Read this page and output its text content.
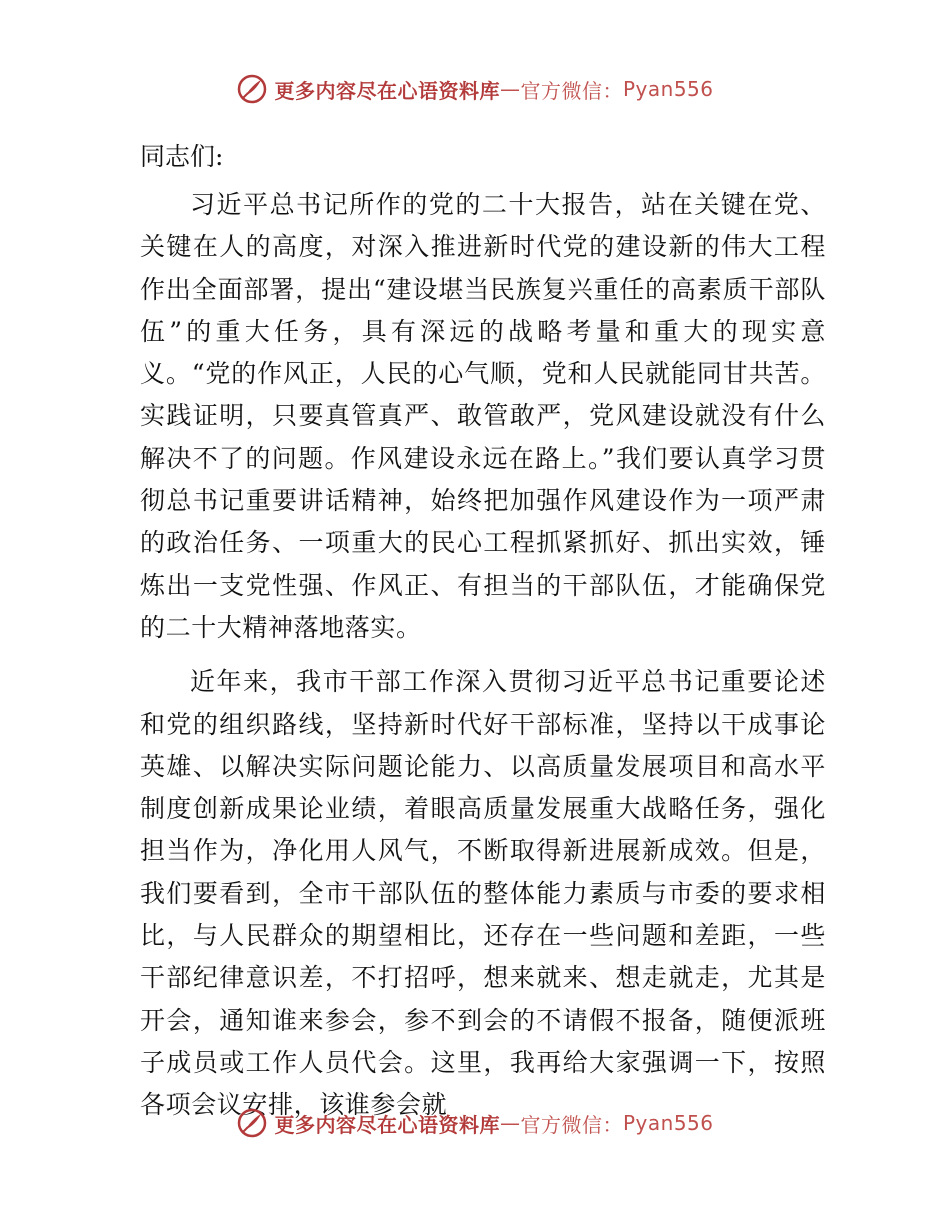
更多内容尽在心语资料库 — 官方微信： Pyan556

同志们:

习近平总书记所作的党的二十大报告，站在关键在党、关键在人的高度，对深入推进新时代党的建设新的伟大工程作出全面部署，提出“建设堪当民族复兴重任的高素质干部队伍”的重大任务，具有深远的战略考量和重大的现实意义。“党的作风正，人民的心气顺，党和人民就能同甘共苦。实践证明，只要真管真严、敢管敢严，党风建设就没有什么解决不了的问题。作风建设永远在路上。”我们要认真学习贯彻总书记重要讲话精神，始终把加强作风建设作为一项严肃的政治任务、一项重大的民心工程抓紧抓好、抓出实效，锤炼出一支党性强、作风正、有担当的干部队伍，才能确保党的二十大精神落地落实。

近年来，我市干部工作深入贯彻习近平总书记重要论述和党的组织路线，坚持新时代好干部标准，坚持以干成事论英雄、以解决实际问题论能力、以高质量发展项目和高水平制度创新成果论业绩，着眼高质量发展重大战略任务，强化担当作为，净化用人风气，不断取得新进展新成效。但是，我们要看到，全市干部队伍的整体能力素质与市委的要求相比，与人民群众的期望相比，还存在一些问题和差距，一些干部纪律意识差，不打招呼，想来就来、想走就走，尤其是开会，通知谁来参会，参不到会的不请假不报备，随便派班子成员或工作人员代会。这里，我再给大家强调一下，按照各项会议安排，该谁参会就

更多内容尽在心语资料库 — 官方微信： Pyan556
